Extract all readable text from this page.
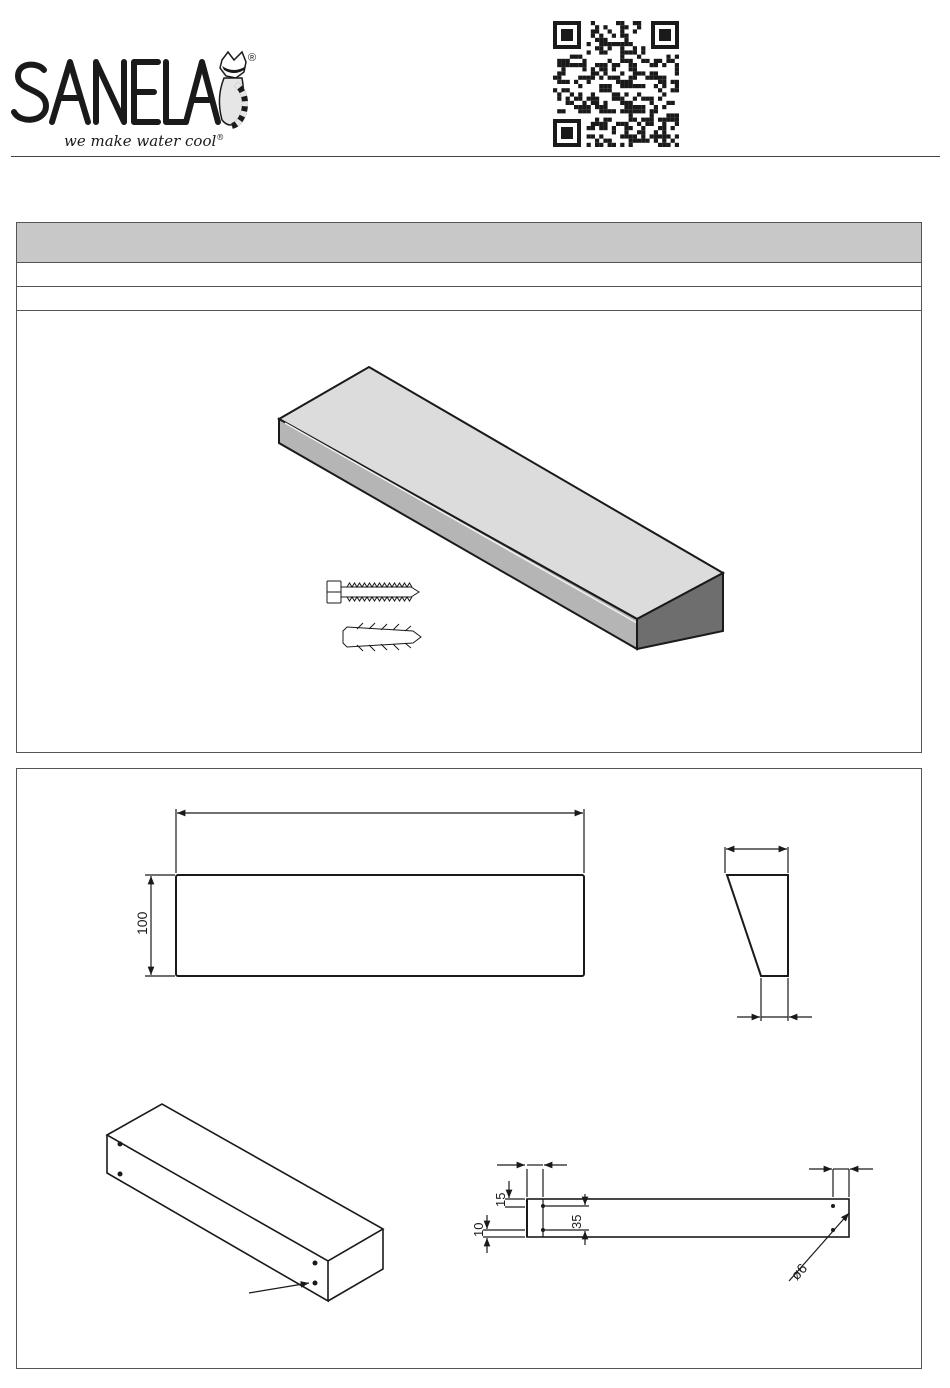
®
we make water cool®
100
15
10
35
ø6
